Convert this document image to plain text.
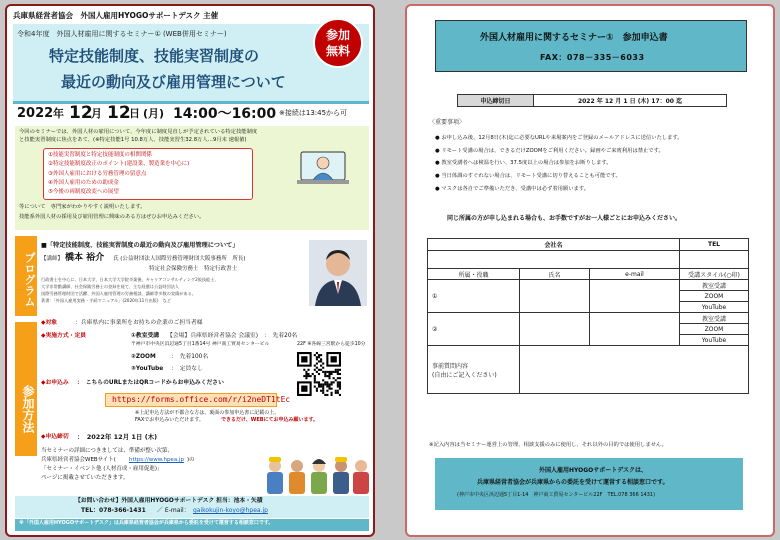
兵庫県経営者協会　外国人雇用HYOGOサポートデスク 主催
令和4年度　外国人材雇用に関するセミナー① (WEB併用セミナー)
特定技能制度、技能実習制度の
最近の動向及び雇用管理について
参加
無料
2022 年 12
月 12
日 (月) 14:00～16:00 ※接続は13:45から可
今回のセミナーでは、外国人材の雇用について、今年度に制度見直しが予定されている特定技能制度
と技能実習制度に焦点をあて、(※特定技能1号 10.8万人、技能実習生32.8万人…9月末 速報値)
①技能実習制度と特定技能制度の相関関係
②特定技能制度改正のポイント(建設業、製造業を中心に)
③外国人雇用における労務管理の留意点
④外国人雇用のための助成金
⑤今後の両制度改変への展望
等について　専門家がわかりやすく説明いたします。
技能系外国人材の採用及び雇用管理に興味のある方はぜひお申込みください。
プログラム
■「特定技能制度、技能実習制度の最近の動向及び雇用管理について」
【講師】 橋本 裕介 氏 (公益財団法人国際労務管理財団大阪事務所　所長)
特定社会保険労務士　特定行政書士
行政書士を中心に、日本大学、日本大学大学院卒業後、キャリアコンサルティング2級技能士、
大学非常勤講師、社会保険労務士の登録を経て、主な経歴は公益財団法人
国際労務管理財団で活躍、外国人雇用管理の労務相談、講師等多数の実績がある。
著書：「外国人雇用実務・手続マニュアル」(2020年11月出版)　など
参加方法
◆対象	：兵庫県内に事業所をお持ちの企業のご担当者様
◆実施方式・定員	①教室受講 【会場】兵庫県経営者協会 会議室)　：　先着20名
〒神戸市中央区浜辺通5丁目1番14号 神戸商工貿易センタービル	22F ※各線三宮駅から徒歩10分
②ZOOM	：　先着100名
③YouTube ：　定員なし
◆お申込み ：　こちらのURLまたはQRコードからお申込みください
https://forms.office.com/r/i2neDT1tEc
※上記申込方法が不都合な方は、裏面の参加申込書に記載の上、
FAXでお申込みいただけます。	できるだけ、WEBにてお申込み願います。
◆申込締切 ：　2022年 12月 1日 (木)
当セミナーの詳細につきましては、準備が整い次第、
兵庫県経営者協会WEBサイト( https://www.hpea.jp )の
「セミナー・イベント他 (人材育成・雇用促進)」
ページに掲載させていただきます。
【お問い合わせ】外国人雇用HYOGOサポートデスク 担当：池本・矢積
TEL：078-366-1431 ／ E-mail： gaikokujin-koyo@hpea.jp
※「外国人雇用HYOGOサポートデスク」は兵庫県経営者協会が兵庫県から委託を受けて運営する相談窓口です。
外国人材雇用に関するセミナー①　参加申込書
FAX：078－335－6033
申込締切日	2022 年 12 月 1 日 (木) 17：00 迄
〈重要事項〉
● お申し込み後、12月8日(木)迄に必要なURLや来場案内をご登録のメールアドレスに送信いたします。
● リモート受講の場合は、できるだけZOOMをご利用ください。録画やご来賓利用は禁止です。
● 教室受講者へは検温を行い、37.5度以上の場合は参加をお断りします。
● 当日体調のすぐれない場合は、リモート受講に切り替えることも可能です。
● マスクは各自でご準備いただき、受講中は必ず着用願います。
同じ所属の方が申し込まれる場合も、お手数ですがお一人様ごとにお申込みください。
会社名			TEL

所属・役職	氏名	e-mail	受講スタイル(○印)
①			教室受講
			ZOOM
			YouTube
②			教室受講
			ZOOM
			YouTube

事前質問内容
(自由にご記入ください)			

※記入内容は当セミナー運営上の管理、相談支援のみに使用し、それ以外の目的では使用しません。
外国人雇用HYOGOサポートデスクは、
兵庫県経営者協会が兵庫県からの委託を受けて運営する相談窓口です。
(神戸市中央区浜辺通5丁目1-14　神戸商工貿易センタービル22F　TEL.078 366 1431)
